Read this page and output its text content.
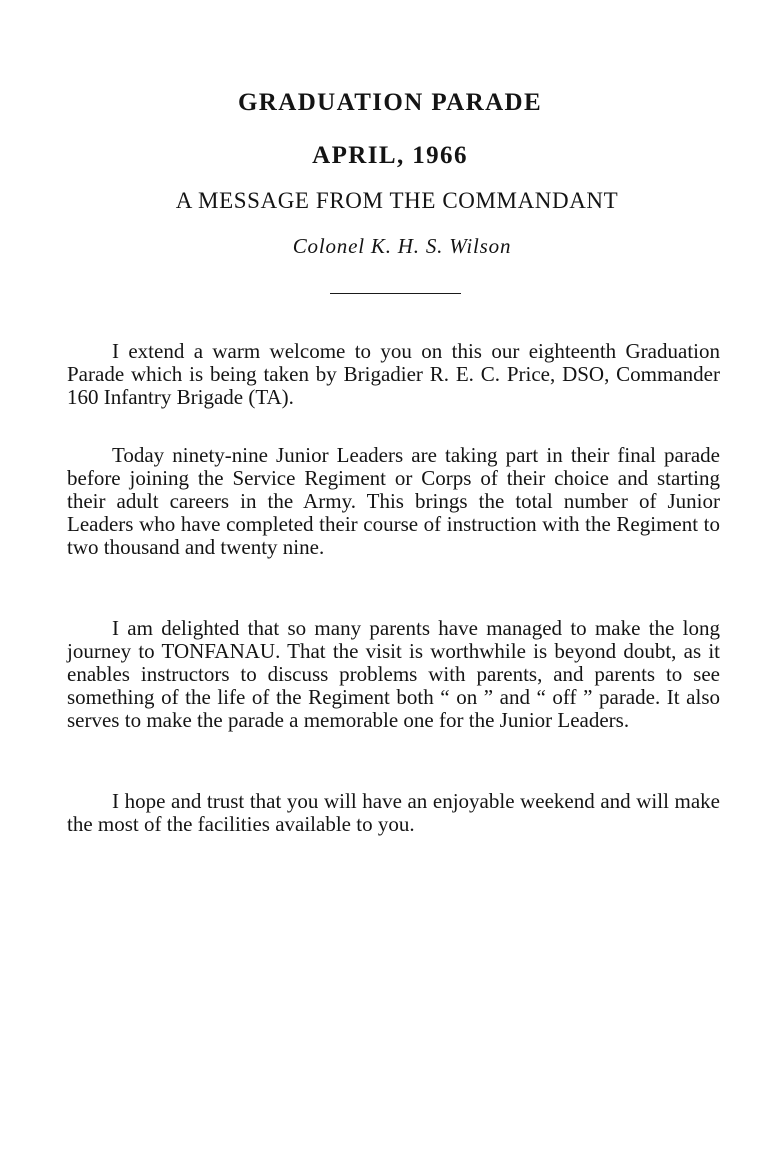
GRADUATION PARADE
APRIL, 1966
A MESSAGE FROM THE COMMANDANT
Colonel K. H. S. Wilson

I extend a warm welcome to you on this our eighteenth Graduation Parade which is being taken by Brigadier R. E. C. Price, DSO, Commander 160 Infantry Brigade (TA).

Today ninety-nine Junior Leaders are taking part in their final parade before joining the Service Regiment or Corps of their choice and starting their adult careers in the Army. This brings the total number of Junior Leaders who have completed their course of instruction with the Regiment to two thousand and twenty nine.

I am delighted that so many parents have managed to make the long journey to TONFANAU. That the visit is worthwhile is beyond doubt, as it enables instructors to discuss problems with parents, and parents to see something of the life of the Regiment both “ on ” and “ off ” parade. It also serves to make the parade a memorable one for the Junior Leaders.

I hope and trust that you will have an enjoyable weekend and will make the most of the facilities available to you.
